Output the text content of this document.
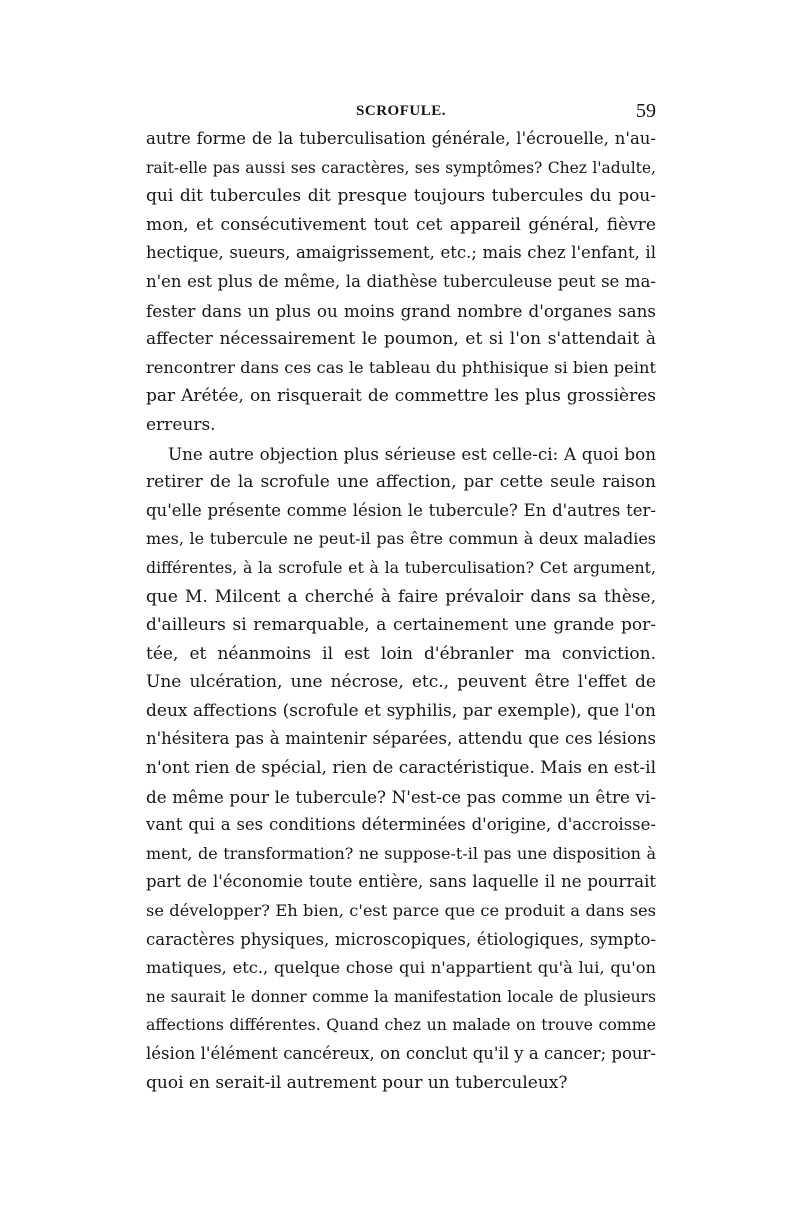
SCROFULE.	59
autre forme de la tuberculisation générale, l'écrouelle, n'au-
rait-elle pas aussi ses caractères, ses symptômes? Chez l'adulte,
qui dit tubercules dit presque toujours tubercules du pou-
mon, et consécutivement tout cet appareil général, fièvre
hectique, sueurs, amaigrissement, etc.; mais chez l'enfant, il
n'en est plus de même, la diathèse tuberculeuse peut se ma-
fester dans un plus ou moins grand nombre d'organes sans
affecter nécessairement le poumon, et si l'on s'attendait à
rencontrer dans ces cas le tableau du phthisique si bien peint
par Arétée, on risquerait de commettre les plus grossières
erreurs.
Une autre objection plus sérieuse est celle-ci: A quoi bon
retirer de la scrofule une affection, par cette seule raison
qu'elle présente comme lésion le tubercule? En d'autres ter-
mes, le tubercule ne peut-il pas être commun à deux maladies
différentes, à la scrofule et à la tuberculisation? Cet argument,
que M. Milcent a cherché à faire prévaloir dans sa thèse,
d'ailleurs si remarquable, a certainement une grande por-
tée, et néanmoins il est loin d'ébranler ma conviction.
Une ulcération, une nécrose, etc., peuvent être l'effet de
deux affections (scrofule et syphilis, par exemple), que l'on
n'hésitera pas à maintenir séparées, attendu que ces lésions
n'ont rien de spécial, rien de caractéristique. Mais en est-il
de même pour le tubercule? N'est-ce pas comme un être vi-
vant qui a ses conditions déterminées d'origine, d'accroisse-
ment, de transformation? ne suppose-t-il pas une disposition à
part de l'économie toute entière, sans laquelle il ne pourrait
se développer? Eh bien, c'est parce que ce produit a dans ses
caractères physiques, microscopiques, étiologiques, sympto-
matiques, etc., quelque chose qui n'appartient qu'à lui, qu'on
ne saurait le donner comme la manifestation locale de plusieurs
affections différentes. Quand chez un malade on trouve comme
lésion l'élément cancéreux, on conclut qu'il y a cancer; pour-
quoi en serait-il autrement pour un tuberculeux?
